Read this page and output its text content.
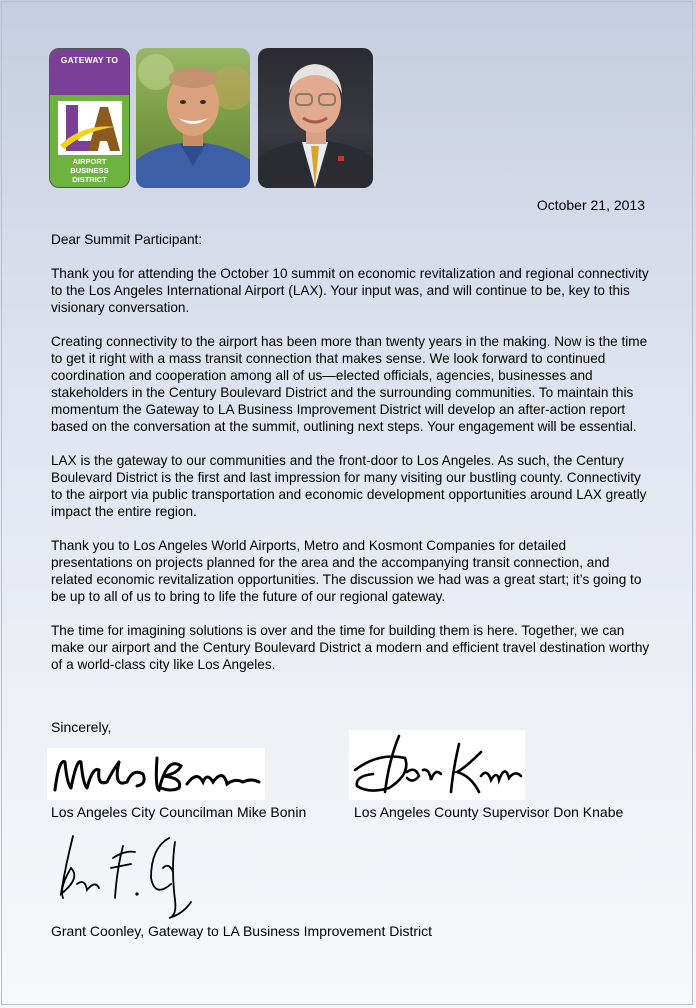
GATEWAY TO
AIRPORT
BUSINESS
DISTRICT
October 21, 2013

Dear Summit Participant:

Thank you for attending the October 10 summit on economic revitalization and regional connectivity to the Los Angeles International Airport (LAX). Your input was, and will continue to be, key to this visionary conversation.

Creating connectivity to the airport has been more than twenty years in the making. Now is the time to get it right with a mass transit connection that makes sense. We look forward to continued coordination and cooperation among all of us—elected officials, agencies, businesses and stakeholders in the Century Boulevard District and the surrounding communities. To maintain this momentum the Gateway to LA Business Improvement District will develop an after-action report based on the conversation at the summit, outlining next steps. Your engagement will be essential.

LAX is the gateway to our communities and the front-door to Los Angeles. As such, the Century Boulevard District is the first and last impression for many visiting our bustling county. Connectivity to the airport via public transportation and economic development opportunities around LAX greatly impact the entire region.

Thank you to Los Angeles World Airports, Metro and Kosmont Companies for detailed presentations on projects planned for the area and the accompanying transit connection, and related economic revitalization opportunities. The discussion we had was a great start; it’s going to be up to all of us to bring to life the future of our regional gateway.

The time for imagining solutions is over and the time for building them is here. Together, we can make our airport and the Century Boulevard District a modern and efficient travel destination worthy of a world-class city like Los Angeles.

Sincerely,
Los Angeles City Councilman Mike Bonin	Los Angeles County Supervisor Don Knabe
Grant Coonley, Gateway to LA Business Improvement District
